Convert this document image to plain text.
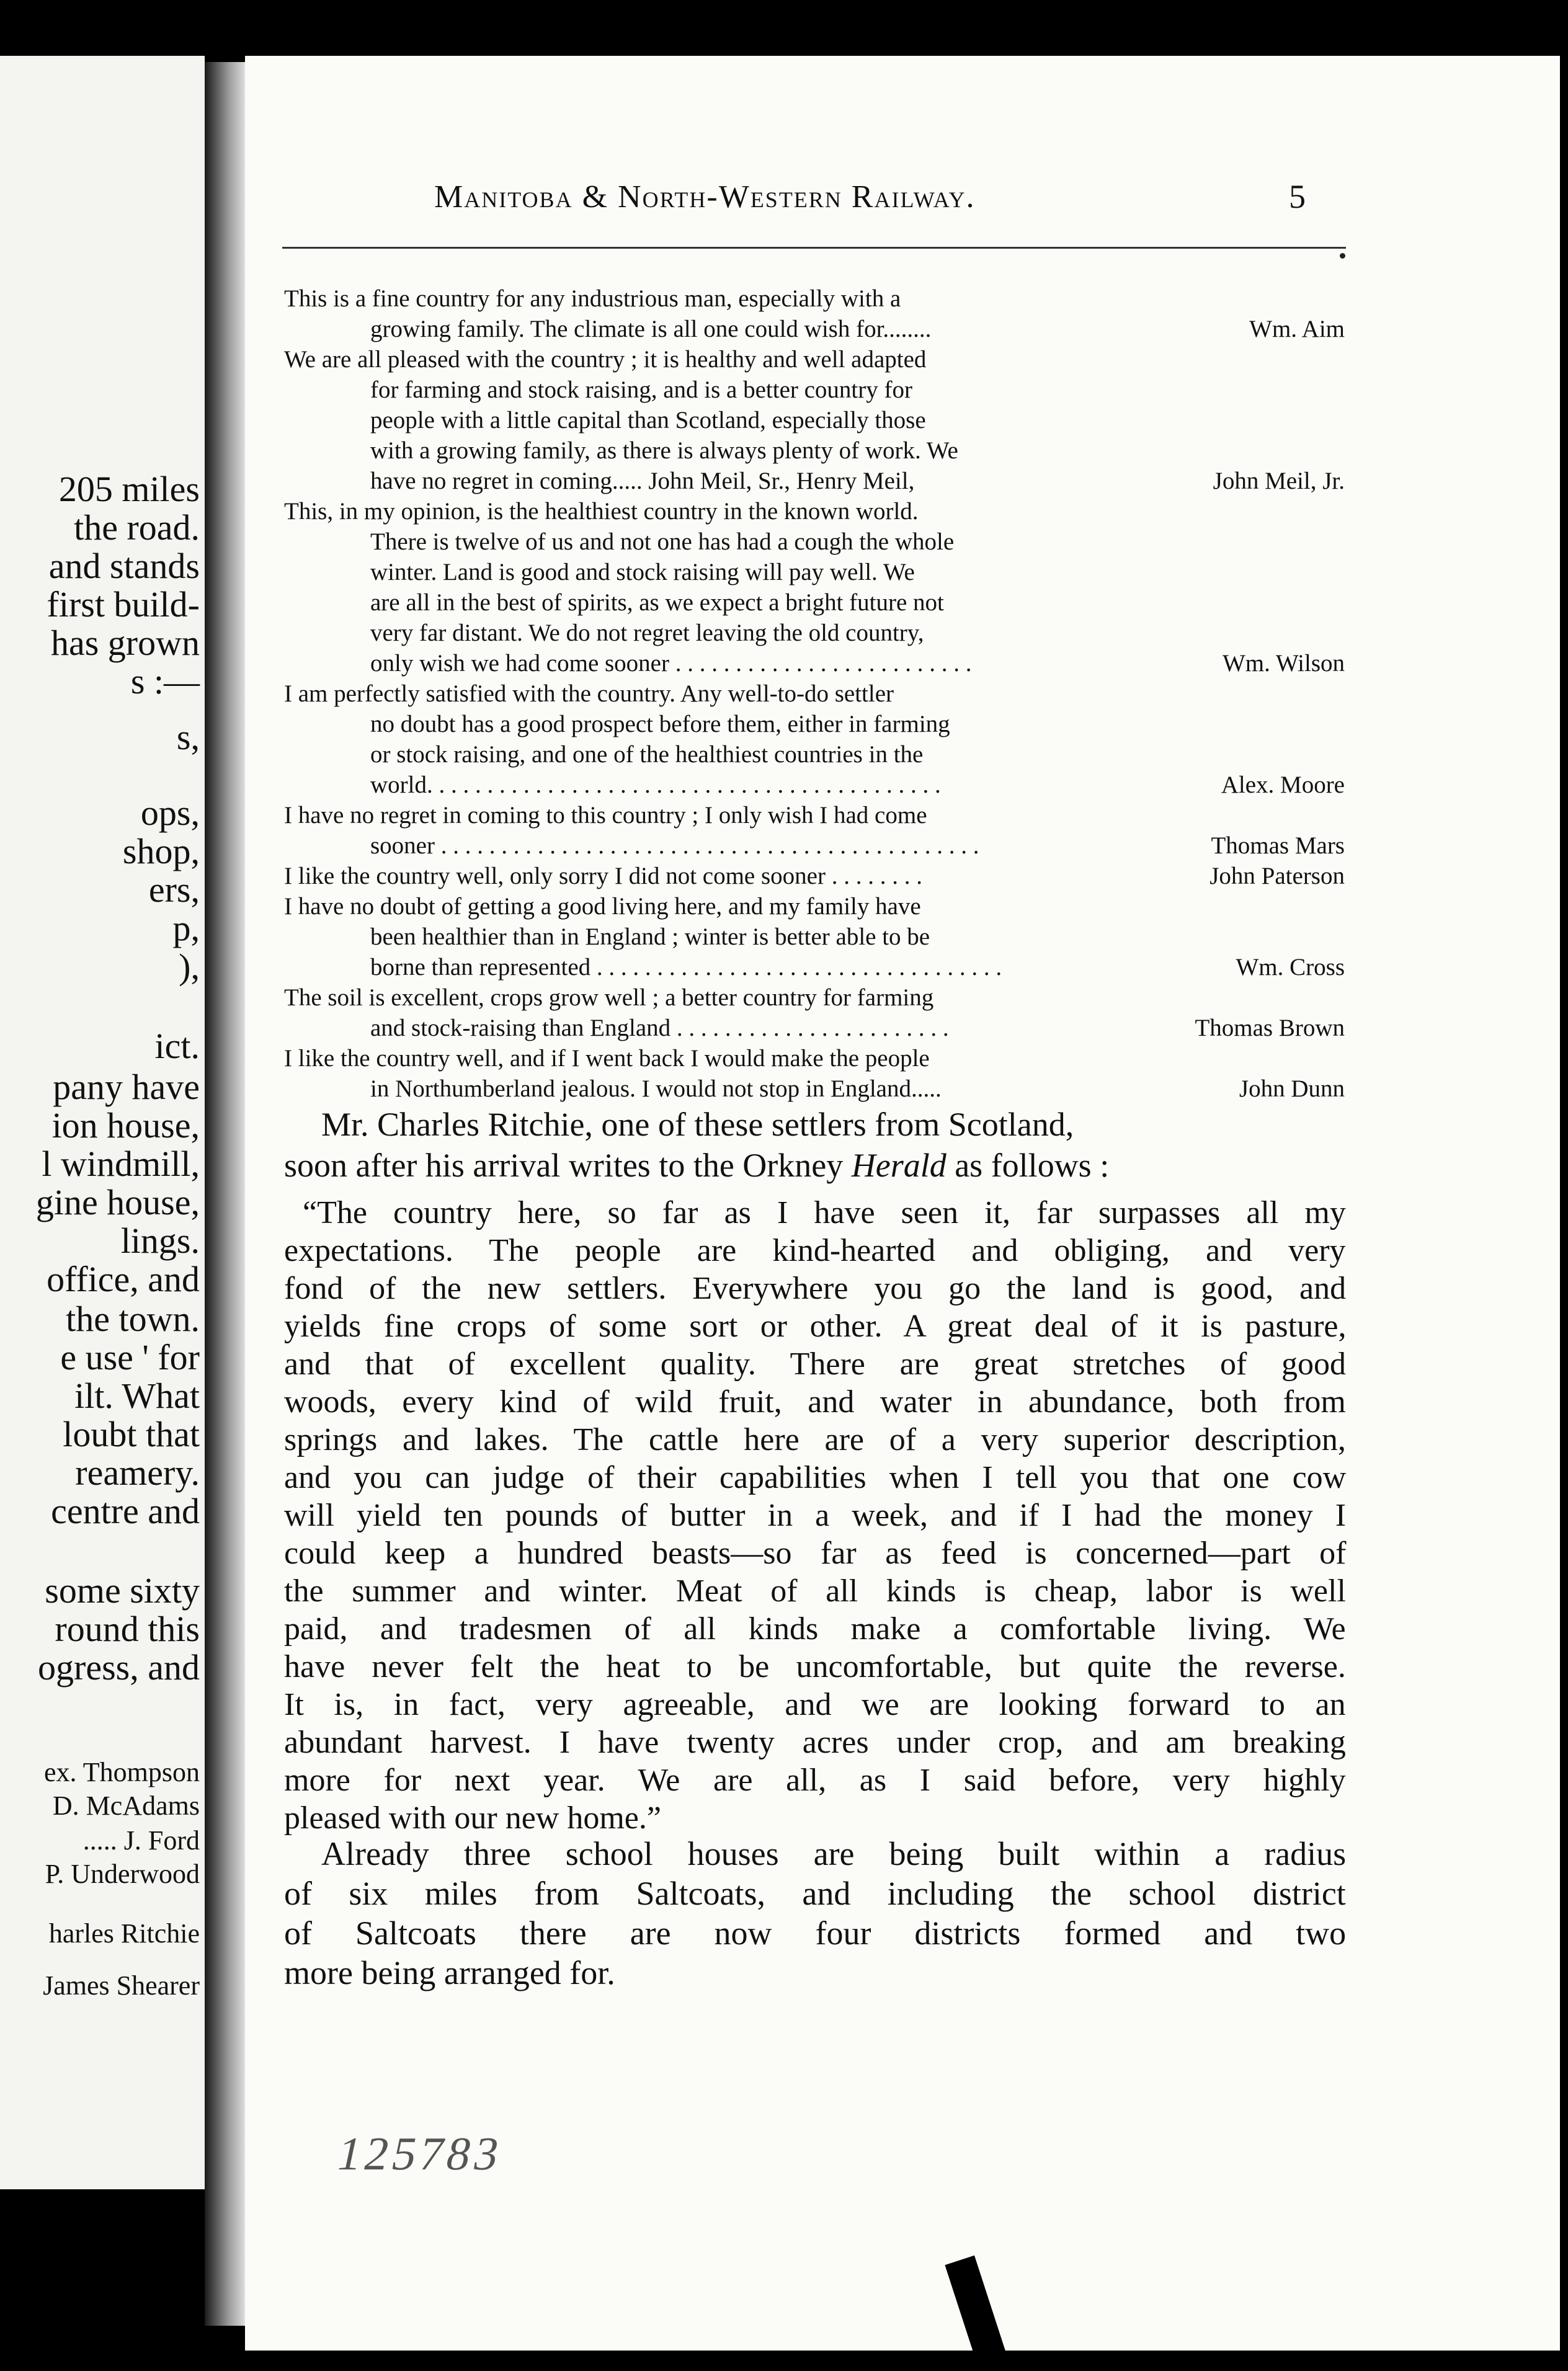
205 miles
the road.
and stands
first build-
has grown
s :—
s,
ops,
shop,
ers,
p,
),
ict.
pany have
ion house,
l windmill,
gine house,
lings.
office, and
the town.
e use ' for
ilt. What
loubt that
reamery.
centre and
some sixty
round this
ogress, and
ex. Thompson
D. McAdams
..... J. Ford
P. Underwood
harles Ritchie
James Shearer
Manitoba & North-Western Railway.	5
This is a fine country for any industrious man, especially with a
growing family. The climate is all one could wish for........	Wm. Aim
We are all pleased with the country ; it is healthy and well adapted
for farming and stock raising, and is a better country for
people with a little capital than Scotland, especially those
with a growing family, as there is always plenty of work. We
have no regret in coming..... John Meil, Sr., Henry Meil,	John Meil, Jr.
This, in my opinion, is the healthiest country in the known world.
There is twelve of us and not one has had a cough the whole
winter. Land is good and stock raising will pay well. We
are all in the best of spirits, as we expect a bright future not
very far distant. We do not regret leaving the old country,
only wish we had come sooner . . . . . . . . . . . . . . . . . . . . . . . . .	Wm. Wilson
I am perfectly satisfied with the country. Any well-to-do settler
no doubt has a good prospect before them, either in farming
or stock raising, and one of the healthiest countries in the
world. . . . . . . . . . . . . . . . . . . . . . . . . . . . . . . . . . . . . . . . . . .	Alex. Moore
I have no regret in coming to this country ; I only wish I had come
sooner . . . . . . . . . . . . . . . . . . . . . . . . . . . . . . . . . . . . . . . . . . . . .	Thomas Mars
I like the country well, only sorry I did not come sooner . . . . . . . .	John Paterson
I have no doubt of getting a good living here, and my family have
been healthier than in England ; winter is better able to be
borne than represented . . . . . . . . . . . . . . . . . . . . . . . . . . . . . . . . . .	Wm. Cross
The soil is excellent, crops grow well ; a better country for farming
and stock-raising than England . . . . . . . . . . . . . . . . . . . . . . .	Thomas Brown
I like the country well, and if I went back I would make the people
in Northumberland jealous. I would not stop in England.....	John Dunn
Mr. Charles Ritchie, one of these settlers from Scotland,
soon after his arrival writes to the Orkney Herald as follows :
“The country here, so far as I have seen it, far surpasses all my
expectations. The people are kind-hearted and obliging, and very
fond of the new settlers. Everywhere you go the land is good, and
yields fine crops of some sort or other. A great deal of it is pasture,
and that of excellent quality. There are great stretches of good
woods, every kind of wild fruit, and water in abundance, both from
springs and lakes. The cattle here are of a very superior description,
and you can judge of their capabilities when I tell you that one cow
will yield ten pounds of butter in a week, and if I had the money I
could keep a hundred beasts—so far as feed is concerned—part of
the summer and winter. Meat of all kinds is cheap, labor is well
paid, and tradesmen of all kinds make a comfortable living. We
have never felt the heat to be uncomfortable, but quite the reverse.
It is, in fact, very agreeable, and we are looking forward to an
abundant harvest. I have twenty acres under crop, and am breaking
more for next year. We are all, as I said before, very highly
pleased with our new home.”
Already three school houses are being built within a radius
of six miles from Saltcoats, and including the school district
of Saltcoats there are now four districts formed and two
more being arranged for.
125783
